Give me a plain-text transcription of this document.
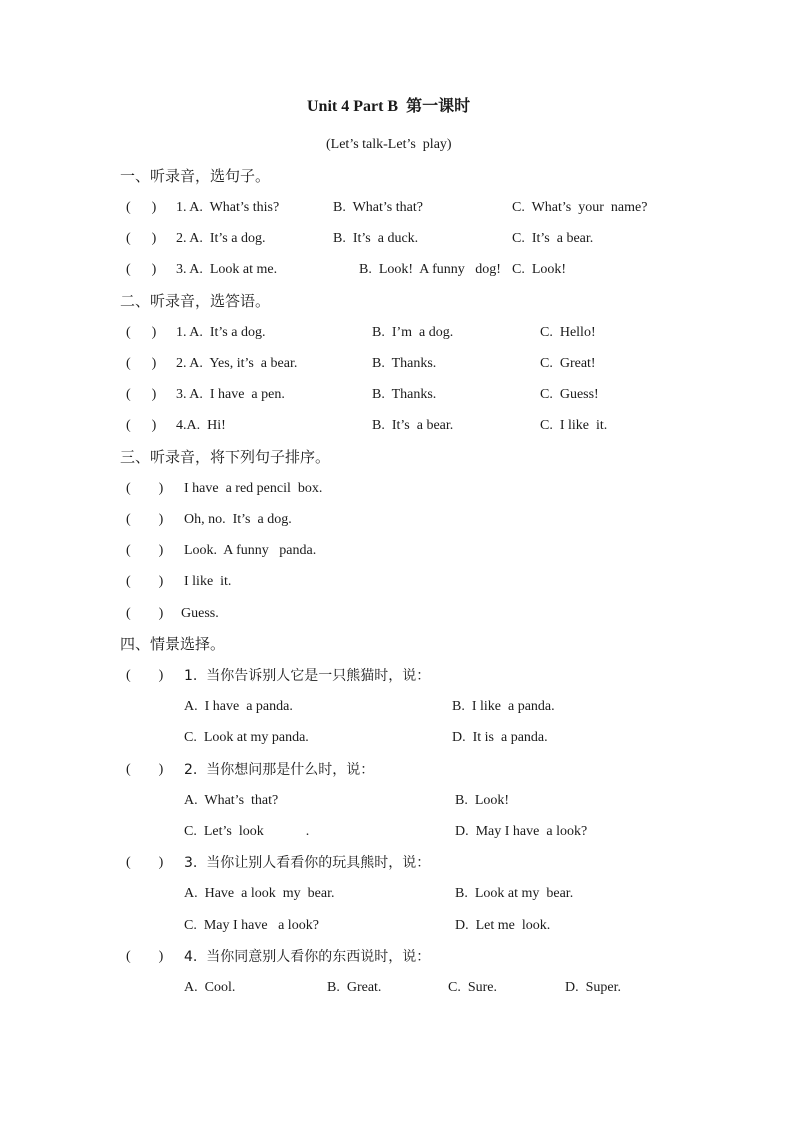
Unit 4 Part B  第一课时
(Let’s talk-Let’s  play)
一、听录音，选句子。
(      ) 1. A.  What’s this?	B.  What’s that?	C.  What’s  your  name?
(      ) 2. A.  It’s a dog.	B.  It’s  a duck.	C.  It’s  a bear.
(      ) 3. A.  Look at me.	B.  Look!  A funny   dog! C.  Look!
二、听录音，选答语。
(      ) 1. A.  It’s a dog.	B.  I’m  a dog.	C.  Hello!
(      ) 2. A.  Yes, it’s  a bear.	B.  Thanks.	C.  Great!
(      ) 3. A.  I have  a pen.	B.  Thanks.	C.  Guess!
(      ) 4.A.  Hi!	B.  It’s  a bear.	C.  I like  it.
三、听录音，将下列句子排序。
(        ) I have  a red pencil  box.
(        ) Oh, no.  It’s  a dog.
(        ) Look.  A funny   panda.
(        ) I like  it.
(        ) Guess.
四、情景选择。
(        ) 1.  当你告诉别人它是一只熊猫时，说：
A.  I have  a panda.	B.  I like  a panda.
C.  Look at my panda.	D.  It is  a panda.
(        ) 2.  当你想问那是什么时，说：
A.  What’s  that?	B.  Look!
C.  Let’s  look            .	D.  May I have  a look?
(        ) 3.  当你让别人看看你的玩具熊时，说：
A.  Have  a look  my  bear.	B.  Look at my  bear.
C.  May I have   a look?	D.  Let me  look.
(        ) 4.  当你同意别人看你的东西说时，说：
A.  Cool.	B.  Great.	C.  Sure.	D.  Super.
